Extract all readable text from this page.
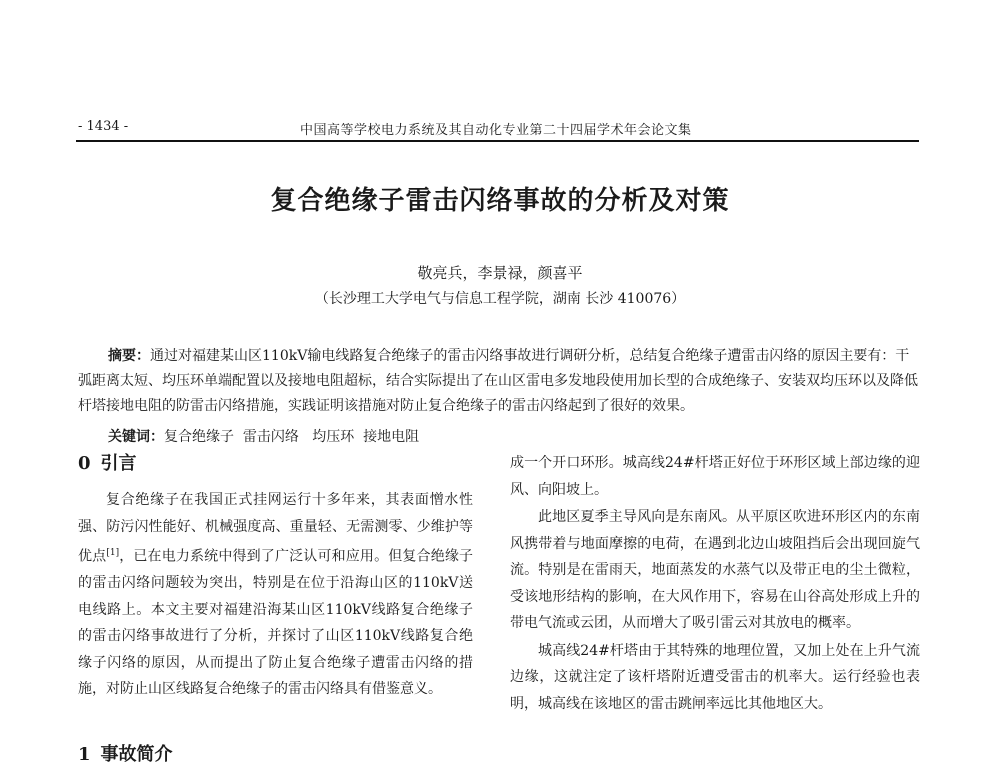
- 1434 -	中国高等学校电力系统及其自动化专业第二十四届学术年会论文集
复合绝缘子雷击闪络事故的分析及对策
敬亮兵，李景禄，颜喜平
（长沙理工大学电气与信息工程学院，湖南 长沙 410076）
摘要：通过对福建某山区110kV输电线路复合绝缘子的雷击闪络事故进行调研分析，总结复合绝缘子遭雷击闪络的原因主要有：干弧距离太短、均压环单端配置以及接地电阻超标，结合实际提出了在山区雷电多发地段使用加长型的合成绝缘子、安装双均压环以及降低杆塔接地电阻的防雷击闪络措施，实践证明该措施对防止复合绝缘子的雷击闪络起到了很好的效果。
关键词：复合绝缘子  雷击闪络   均压环  接地电阻
0 引言

复合绝缘子在我国正式挂网运行十多年来，其表面憎水性强、防污闪性能好、机械强度高、重量轻、无需测零、少维护等优点[1]，已在电力系统中得到了广泛认可和应用。但复合绝缘子的雷击闪络问题较为突出，特别是在位于沿海山区的110kV送电线路上。本文主要对福建沿海某山区110kV线路复合绝缘子的雷击闪络事故进行了分析，并探讨了山区110kV线路复合绝缘子闪络的原因，从而提出了防止复合绝缘子遭雷击闪络的措施，对防止山区线路复合绝缘子的雷击闪络具有借鉴意义。

成一个开口环形。城高线24#杆塔正好位于环形区域上部边缘的迎风、向阳坡上。

此地区夏季主导风向是东南风。从平原区吹进环形区内的东南风携带着与地面摩擦的电荷，在遇到北边山坡阻挡后会出现回旋气流。特别是在雷雨天，地面蒸发的水蒸气以及带正电的尘土微粒，受该地形结构的影响，在大风作用下，容易在山谷高处形成上升的带电气流或云团，从而增大了吸引雷云对其放电的概率。

城高线24#杆塔由于其特殊的地理位置，又加上处在上升气流边缘，这就注定了该杆塔附近遭受雷击的机率大。运行经验也表明，城高线在该地区的雷击跳闸率远比其他地区大。

1 事故简介
